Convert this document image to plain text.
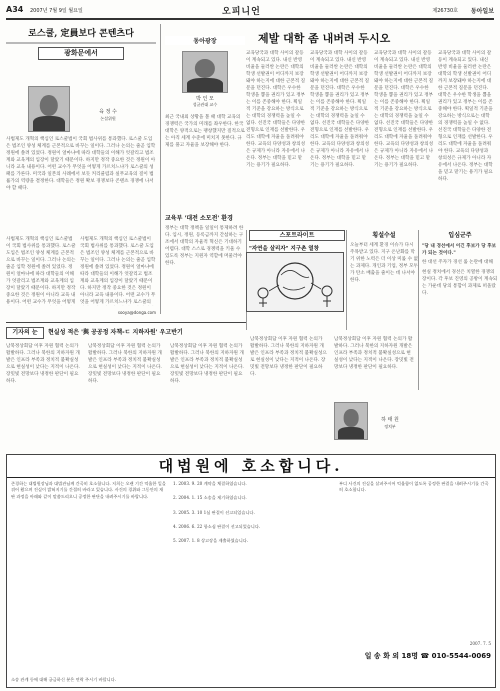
A34 2007년 7월 9일 월요일	오피니언	제26730호 동아일보
로스쿨, 定員보다 콘텐츠다
광화문에서
육 정 수
논설위원
사법제도 개혁의 핵심인 로스쿨법이 국회 법사위를 통과했다. 로스쿨 도입은 법조인 양성 체계를 근본적으로 바꾸는 일이다. 그러나 논의는 줄곧 입학 정원에 쏠려 있었다. 정원이 얼마냐에 따라 대학들의 이해가 엇갈리고 법조계와 교육계의 입장이 달랐기 때문이다. 하지만 정작 중요한 것은 정원이 아니라 교육 내용이다. 어떤 교수가 무엇을 어떻게 가르치느냐가 로스쿨의 성패를 가른다. 미국과 일본의 사례에서 보듯 커리큘럼과 실무교육의 질이 법률가의 역량을 결정한다. 대학들은 정원 확보 경쟁보다 콘텐츠 경쟁에 나서야 할 때다.
사법제도 개혁의 핵심인 로스쿨법이 국회 법사위를 통과했다. 로스쿨 도입은 법조인 양성 체계를 근본적으로 바꾸는 일이다. 그러나 논의는 줄곧 입학 정원에 쏠려 있었다. 정원이 얼마냐에 따라 대학들의 이해가 엇갈리고 법조계와 교육계의 입장이 달랐기 때문이다. 하지만 정작 중요한 것은 정원이 아니라 교육 내용이다. 어떤 교수가 무엇을 어떻게
사법제도 개혁의 핵심인 로스쿨법이 국회 법사위를 통과했다. 로스쿨 도입은 법조인 양성 체계를 근본적으로 바꾸는 일이다. 그러나 논의는 줄곧 입학 정원에 쏠려 있었다. 정원이 얼마냐에 따라 대학들의 이해가 엇갈리고 법조계와 교육계의 입장이 달랐기 때문이다. 하지만 정작 중요한 것은 정원이 아니라 교육 내용이다. 어떤 교수가 무엇을 어떻게 가르치느냐가 로스쿨의
sooya@donga.com
동아광장
박 인 모
성균관대 교수
최근 국내외 상황을 볼 때 대학 교육의 경쟁력은 국가의 미래를 좌우한다. 한국 대학은 양적으로는 팽창했지만 질적으로는 아직 세계 수준에 미치지 못한다. 규제를 풀고 자율을 보장해야 한다.
교육부 '대전 소모전' 환경
정부는 대학 정책을 일일이 통제하려 한다. 입시, 정원, 등록금까지 간섭하는 구조에서 대학의 자율적 혁신은 기대하기 어렵다. 대학 스스로 경쟁력을 키울 수 있도록 정부는 지원자 역할에 머물러야 한다.
제발 대학 좀 내버려 두시오
교육당국과 대학 사이의 갈등이 계속되고 있다. 내신 반영 비율을 둘러싼 논란은 대학의 학생 선발권이 어디까지 보장돼야 하는지에 대한 근본적 질문을 던진다. 대학은 우수한 학생을 뽑을 권리가 있고 정부는 이를 존중해야 한다. 획일적 기준을 강요하는 방식으로는 대학의 경쟁력을 높일 수 없다. 선진국 대학들은 다양한 전형으로 인재를 선발한다. 우리도 대학에 자율을 돌려줘야 한다. 교육의 다양성과 창의성은 규제가 아니라 자유에서 나온다. 정부는 대학을 믿고 맡기는 용기가 필요하다.
교육당국과 대학 사이의 갈등이 계속되고 있다. 내신 반영 비율을 둘러싼 논란은 대학의 학생 선발권이 어디까지 보장돼야 하는지에 대한 근본적 질문을 던진다. 대학은 우수한 학생을 뽑을 권리가 있고 정부는 이를 존중해야 한다. 획일적 기준을 강요하는 방식으로는 대학의 경쟁력을 높일 수 없다. 선진국 대학들은 다양한 전형으로 인재를 선발한다. 우리도 대학에 자율을 돌려줘야 한다. 교육의 다양성과 창의성은 규제가 아니라 자유에서 나온다. 정부는 대학을 믿고 맡기는 용기가 필요하다.
교육당국과 대학 사이의 갈등이 계속되고 있다. 내신 반영 비율을 둘러싼 논란은 대학의 학생 선발권이 어디까지 보장돼야 하는지에 대한 근본적 질문을 던진다. 대학은 우수한 학생을 뽑을 권리가 있고 정부는 이를 존중해야 한다. 획일적 기준을 강요하는 방식으로는 대학의 경쟁력을 높일 수 없다. 선진국 대학들은 다양한 전형으로 인재를 선발한다. 우리도 대학에 자율을 돌려줘야 한다. 교육의 다양성과 창의성은 규제가 아니라 자유에서 나온다. 정부는 대학을 믿고 맡기는 용기가 필요하다.
교육당국과 대학 사이의 갈등이 계속되고 있다. 내신 반영 비율을 둘러싼 논란은 대학의 학생 선발권이 어디까지 보장돼야 하는지에 대한 근본적 질문을 던진다. 대학은 우수한 학생을 뽑을 권리가 있고 정부는 이를 존중해야 한다. 획일적 기준을 강요하는 방식으로는 대학의 경쟁력을 높일 수 없다. 선진국 대학들은 다양한 전형으로 인재를 선발한다. 우리도 대학에 자율을 돌려줘야 한다. 교육의 다양성과 창의성은 규제가 아니라 자유에서 나온다. 정부는 대학을 믿고 맡기는 용기가 필요하다.
스포트라이트
"자연을 살리자" 지구촌 열창
횡설수설
오늘부터 세계 환경 이슈가 다시 주목받고 있다. 지구 온난화를 막기 위한 노력은 더 이상 미룰 수 없는 과제다. 개인과 기업, 정부 모두가 탄소 배출을 줄이는 데 나서야 한다.
입심군주
"당 내 경선에서 이긴 후보가 당 후보가 되는 것이다."
한 대선 주자가 경선 룰 논란에 대해
현실 정치에서 경선은 치열한 경쟁의 장이다. 각 후보 진영의 공방이 계속되는 가운데 당의 통합이 과제로 떠올랐다.
기자의 눈	현실성 적은 '與 공공정 자책-ㄷ 지하자원' 우고반기
남북정상회담 이후 자원 협력 논의가 활발하다. 그러나 북한의 지하자원 개발은 인프라 부족과 정치적 불확실성으로 현실성이 낮다는 지적이 나온다. 장밋빛 전망보다 냉정한 판단이 필요하다.
남북정상회담 이후 자원 협력 논의가 활발하다. 그러나 북한의 지하자원 개발은 인프라 부족과 정치적 불확실성으로 현실성이 낮다는 지적이 나온다. 장밋빛 전망보다 냉정한 판단이 필요하다.
남북정상회담 이후 자원 협력 논의가 활발하다. 그러나 북한의 지하자원 개발은 인프라 부족과 정치적 불확실성으로 현실성이 낮다는 지적이 나온다. 장밋빛 전망보다 냉정한 판단이 필요하다.
남북정상회담 이후 자원 협력 논의가 활발하다. 그러나 북한의 지하자원 개발은 인프라 부족과 정치적 불확실성으로 현실성이 낮다는 지적이 나온다. 장밋빛 전망보다 냉정한 판단이 필요하다.
남북정상회담 이후 자원 협력 논의가 활발하다. 그러나 북한의 지하자원 개발은 인프라 부족과 정치적 불확실성으로 현실성이 낮다는 지적이 나온다. 장밋빛 전망보다 냉정한 판단이 필요하다.
하 태 원
정치부
대법원에 호소합니다.
존경하는 대법원장님과 대법관님께 간곡히 호소합니다. 저희는 오랜 기간 억울한 일을 겪어 왔으며 진실이 밝혀지기를 간절히 바라고 있습니다. 사건의 경위와 그동안의 재판 과정을 아래와 같이 말씀드리오니 공정한 판단을 내려주시기를 바랍니다.
1. 2003. 9. 20 계약을 체결하였습니다.
2. 2004. 1. 15 소송을 제기하였습니다.
3. 2005. 3. 10 1심 판결이 선고되었습니다.
4. 2006. 6. 22 항소심 판결이 선고되었습니다.
5. 2007. 1. 8 상고장을 제출하였습니다.
부디 사건의 진실을 살펴주시어 억울함이 없도록 공정한 판결을 내려주시기를 간곡히 호소합니다.
2007. 7. 5
일 송 화 외 18명 ☎ 010-5544-0069
소송 관계 등에 대해 궁금하신 분은 연락 주시기 바랍니다.
